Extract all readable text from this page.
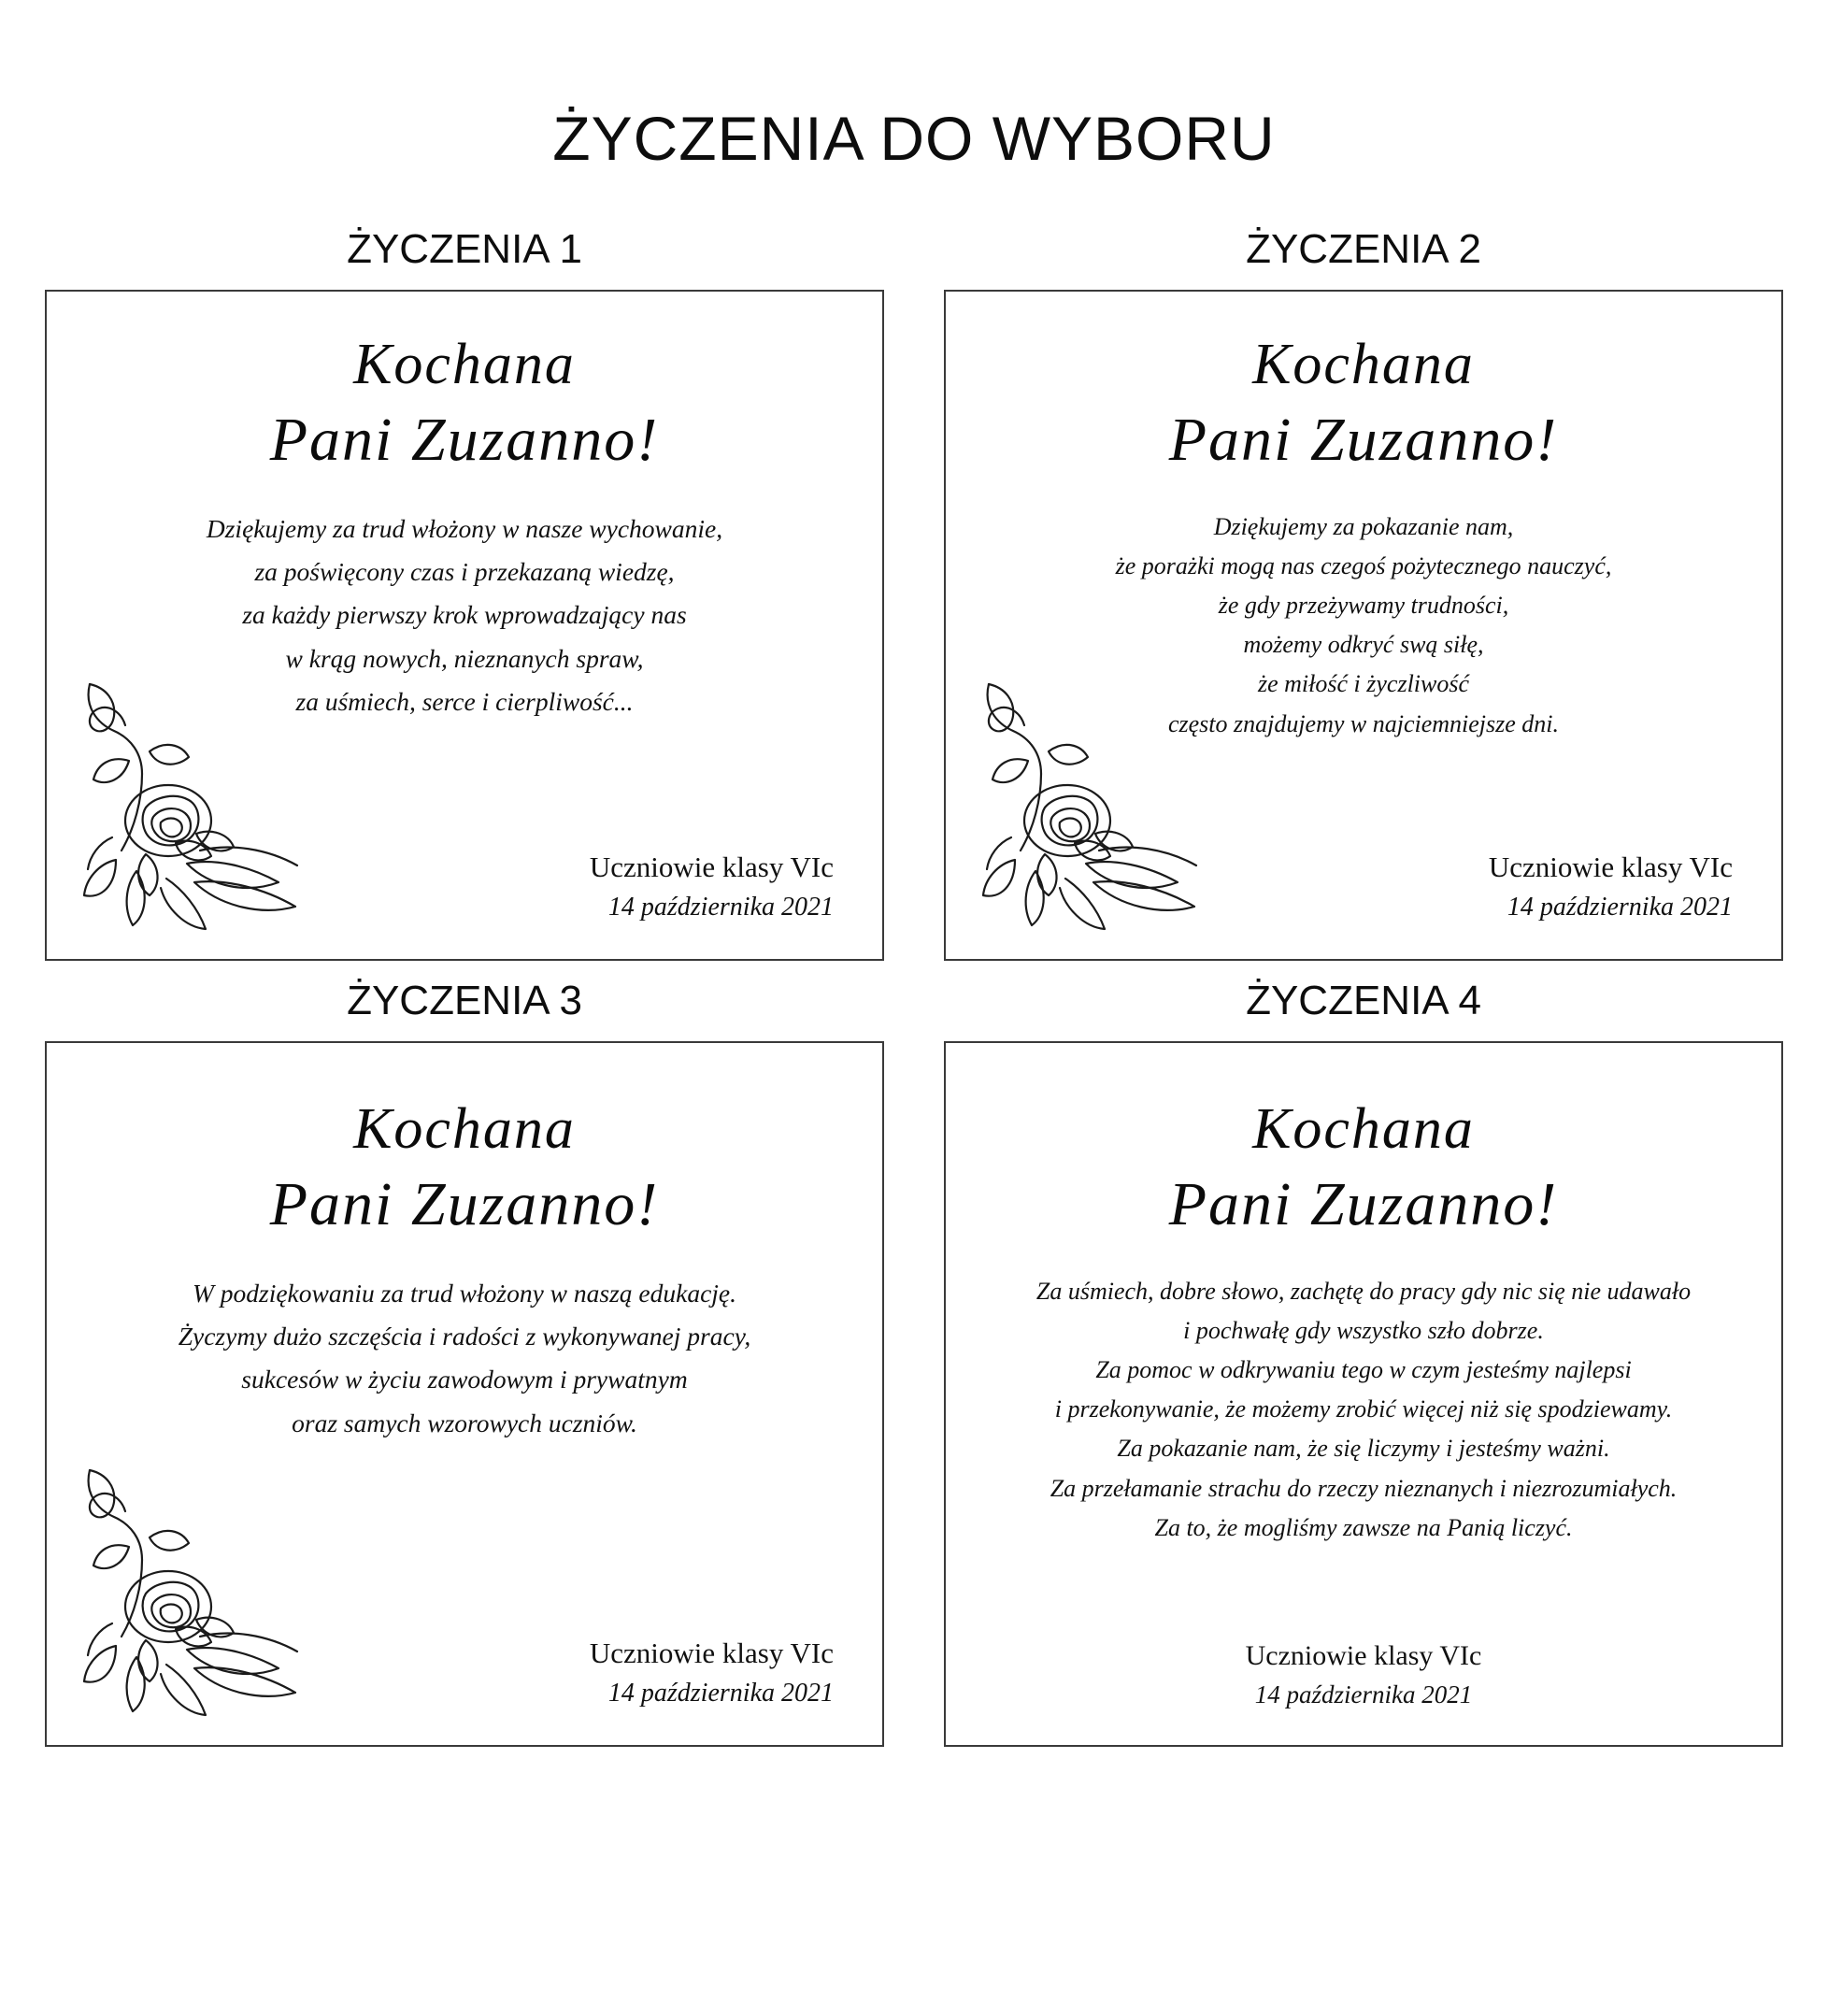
ŻYCZENIA DO WYBORU
ŻYCZENIA 1
Kochana
Pani Zuzanno!

Dziękujemy za trud włożony w nasze wychowanie,

za poświęcony czas i przekazaną wiedzę,

za każdy pierwszy krok wprowadzający nas

w krąg nowych, nieznanych spraw,

za uśmiech, serce i cierpliwość...

Uczniowie klasy VIc
14 października 2021
ŻYCZENIA 2
Kochana
Pani Zuzanno!

Dziękujemy za pokazanie nam,

że porażki mogą nas czegoś pożytecznego nauczyć,

że gdy przeżywamy trudności,

możemy odkryć swą siłę,

że miłość i życzliwość

często znajdujemy w najciemniejsze dni.

Uczniowie klasy VIc
14 października 2021
ŻYCZENIA 3
Kochana
Pani Zuzanno!

W podziękowaniu za trud włożony w naszą edukację.

Życzymy dużo szczęścia i radości z wykonywanej pracy,

sukcesów w życiu zawodowym i prywatnym

oraz samych wzorowych uczniów.

Uczniowie klasy VIc
14 października 2021
ŻYCZENIA 4
Kochana
Pani Zuzanno!

Za uśmiech, dobre słowo, zachętę do pracy gdy nic się nie udawało

i pochwałę gdy wszystko szło dobrze.

Za pomoc w odkrywaniu tego w czym jesteśmy najlepsi

i przekonywanie, że możemy zrobić więcej niż się spodziewamy.

Za pokazanie nam, że się liczymy i jesteśmy ważni.

Za przełamanie strachu do rzeczy nieznanych i niezrozumiałych.

Za to, że mogliśmy zawsze na Panią liczyć.

Uczniowie klasy VIc
14 października 2021
